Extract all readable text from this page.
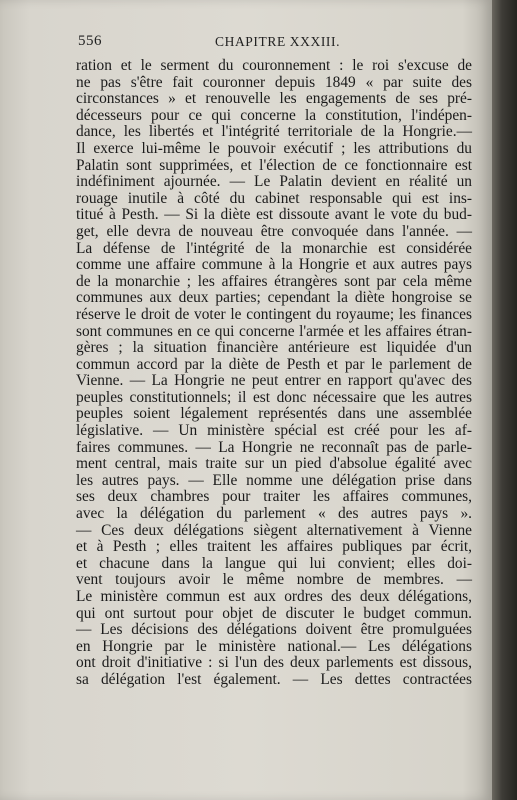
556	CHAPITRE XXXIII.
ration et le serment du couronnement : le roi s'excuse de
ne pas s'être fait couronner depuis 1849 « par suite des
circonstances » et renouvelle les engagements de ses pré-
décesseurs pour ce qui concerne la constitution, l'indépen-
dance, les libertés et l'intégrité territoriale de la Hongrie.—
Il exerce lui-même le pouvoir exécutif ; les attributions du
Palatin sont supprimées, et l'élection de ce fonctionnaire est
indéfiniment ajournée. — Le Palatin devient en réalité un
rouage inutile à côté du cabinet responsable qui est ins-
titué à Pesth. — Si la diète est dissoute avant le vote du bud-
get, elle devra de nouveau être convoquée dans l'année. —
La défense de l'intégrité de la monarchie est considérée
comme une affaire commune à la Hongrie et aux autres pays
de la monarchie ; les affaires étrangères sont par cela même
communes aux deux parties; cependant la diète hongroise se
réserve le droit de voter le contingent du royaume; les finances
sont communes en ce qui concerne l'armée et les affaires étran-
gères ; la situation financière antérieure est liquidée d'un
commun accord par la diète de Pesth et par le parlement de
Vienne. — La Hongrie ne peut entrer en rapport qu'avec des
peuples constitutionnels; il est donc nécessaire que les autres
peuples soient légalement représentés dans une assemblée
législative. — Un ministère spécial est créé pour les af-
faires communes. — La Hongrie ne reconnaît pas de parle-
ment central, mais traite sur un pied d'absolue égalité avec
les autres pays. — Elle nomme une délégation prise dans
ses deux chambres pour traiter les affaires communes,
avec la délégation du parlement « des autres pays ».
— Ces deux délégations siègent alternativement à Vienne
et à Pesth ; elles traitent les affaires publiques par écrit,
et chacune dans la langue qui lui convient; elles doi-
vent toujours avoir le même nombre de membres. —
Le ministère commun est aux ordres des deux délégations,
qui ont surtout pour objet de discuter le budget commun.
— Les décisions des délégations doivent être promulguées
en Hongrie par le ministère national.— Les délégations
ont droit d'initiative : si l'un des deux parlements est dissous,
sa délégation l'est également. — Les dettes contractées
